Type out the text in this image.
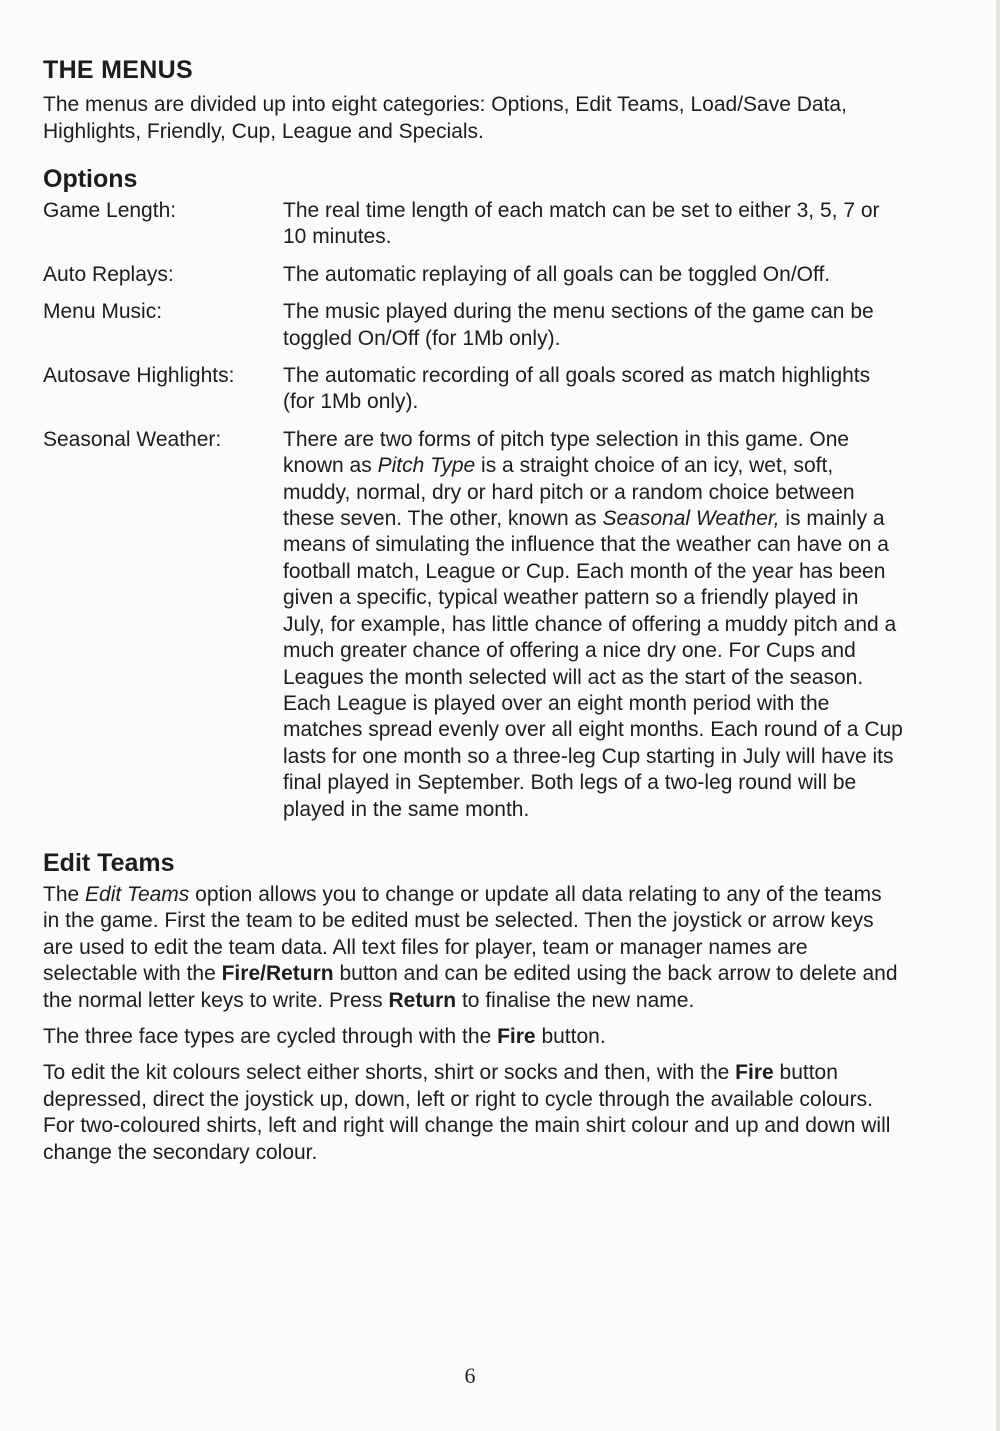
THE MENUS

The menus are divided up into eight categories: Options, Edit Teams, Load/Save Data, Highlights, Friendly, Cup, League and Specials.

Options
Game Length:	The real time length of each match can be set to either 3, 5, 7 or 10 minutes.
Auto Replays:	The automatic replaying of all goals can be toggled On/Off.
Menu Music:	The music played during the menu sections of the game can be toggled On/Off (for 1Mb only).
Autosave Highlights:	The automatic recording of all goals scored as match highlights (for 1Mb only).
Seasonal Weather:	There are two forms of pitch type selection in this game. One known as Pitch Type is a straight choice of an icy, wet, soft, muddy, normal, dry or hard pitch or a random choice between these seven. The other, known as Seasonal Weather, is mainly a means of simulating the influence that the weather can have on a football match, League or Cup. Each month of the year has been given a specific, typical weather pattern so a friendly played in July, for example, has little chance of offering a muddy pitch and a much greater chance of offering a nice dry one. For Cups and Leagues the month selected will act as the start of the season. Each League is played over an eight month period with the matches spread evenly over all eight months. Each round of a Cup lasts for one month so a three-leg Cup starting in July will have its final played in September. Both legs of a two-leg round will be played in the same month.
Edit Teams

The Edit Teams option allows you to change or update all data relating to any of the teams in the game. First the team to be edited must be selected. Then the joystick or arrow keys are used to edit the team data. All text files for player, team or manager names are selectable with the Fire/Return button and can be edited using the back arrow to delete and the normal letter keys to write. Press Return to finalise the new name.

The three face types are cycled through with the Fire button.

To edit the kit colours select either shorts, shirt or socks and then, with the Fire button depressed, direct the joystick up, down, left or right to cycle through the available colours. For two-coloured shirts, left and right will change the main shirt colour and up and down will change the secondary colour.

6
